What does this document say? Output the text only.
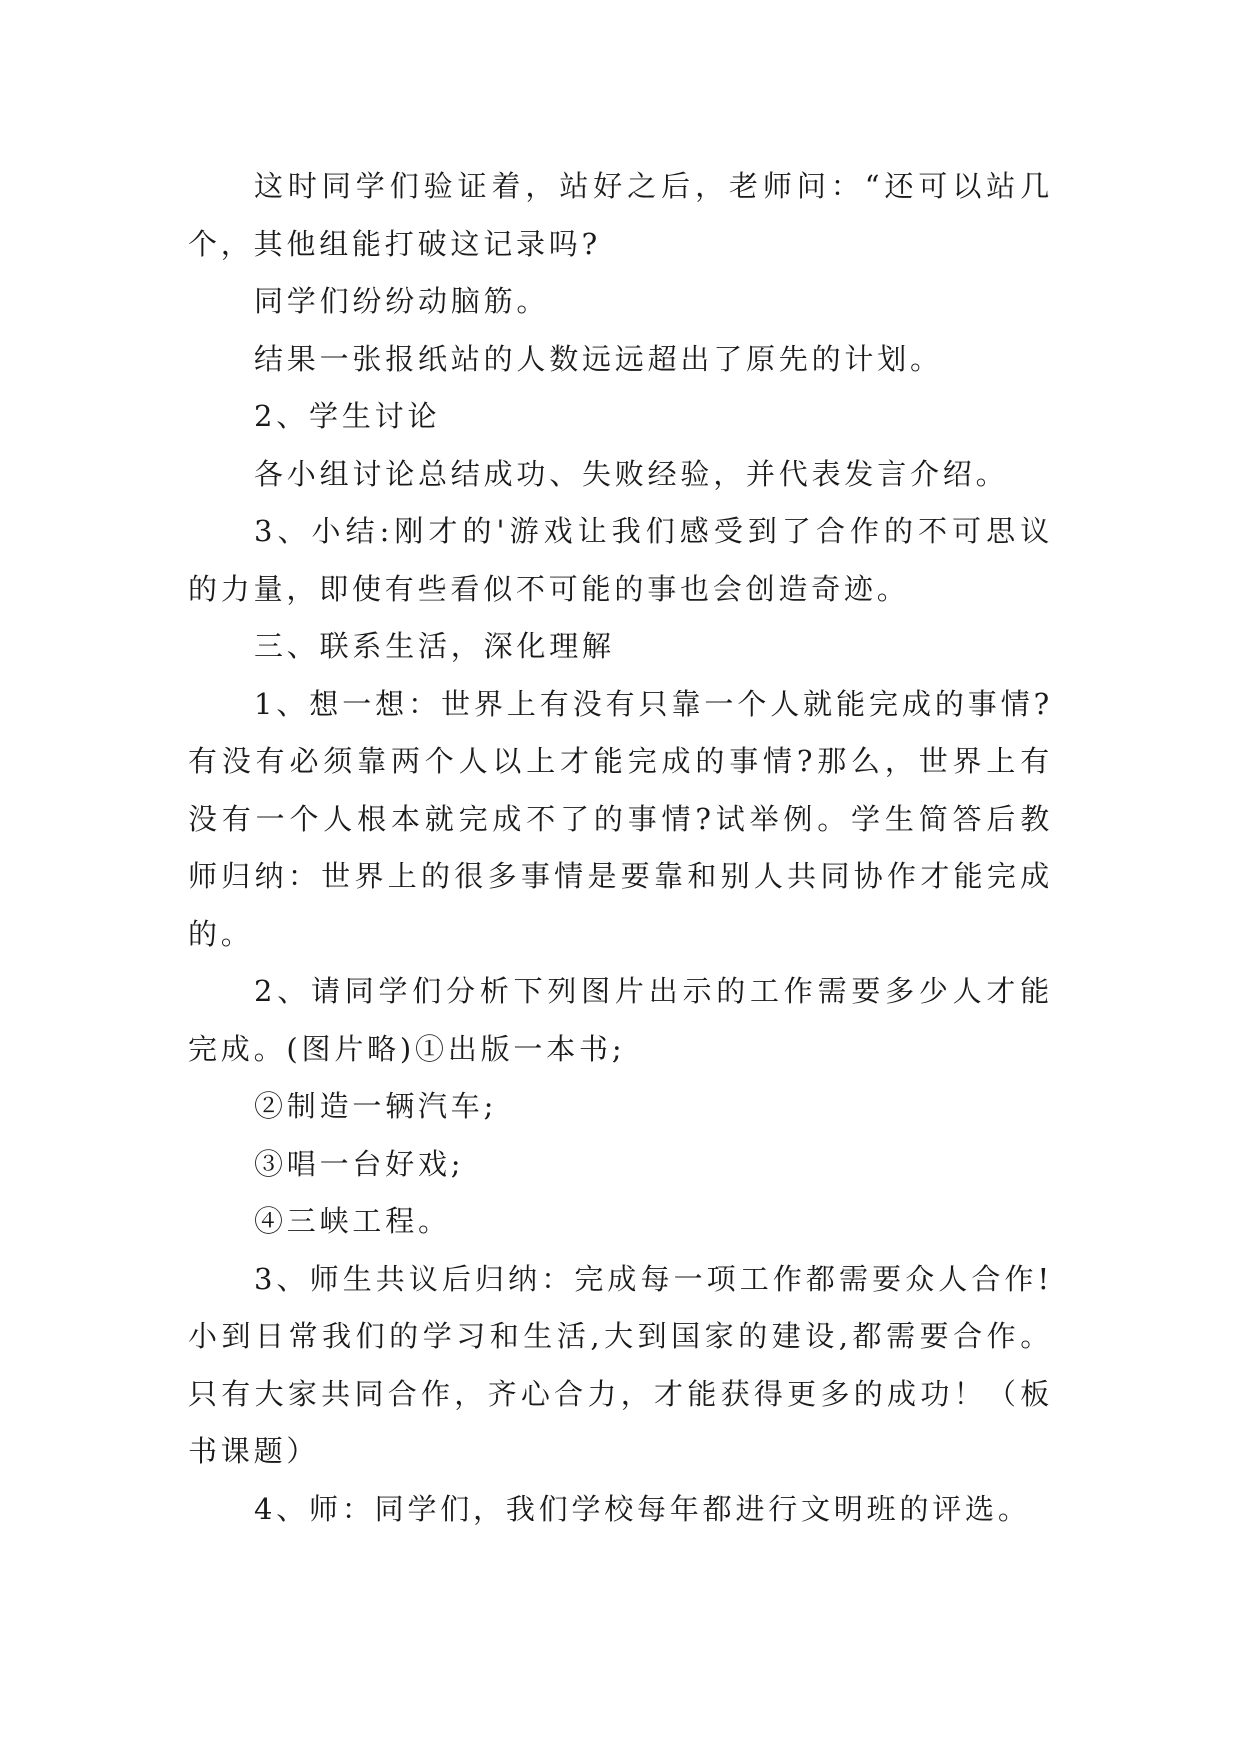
这时同学们验证着，站好之后，老师问：“还可以站几个，其他组能打破这记录吗?

同学们纷纷动脑筋。

结果一张报纸站的人数远远超出了原先的计划。

2、学生讨论

各小组讨论总结成功、失败经验，并代表发言介绍。

3、小结:刚才的'游戏让我们感受到了合作的不可思议的力量，即使有些看似不可能的事也会创造奇迹。

三、联系生活，深化理解

1、想一想：世界上有没有只靠一个人就能完成的事情?有没有必须靠两个人以上才能完成的事情?那么，世界上有没有一个人根本就完成不了的事情?试举例。学生简答后教师归纳：世界上的很多事情是要靠和别人共同协作才能完成的。

2、请同学们分析下列图片出示的工作需要多少人才能完成。(图片略)①出版一本书;

②制造一辆汽车;

③唱一台好戏;

④三峡工程。

3、师生共议后归纳：完成每一项工作都需要众人合作!小到日常我们的学习和生活,大到国家的建设,都需要合作。只有大家共同合作，齐心合力，才能获得更多的成功！（板书课题）

4、师：同学们，我们学校每年都进行文明班的评选。
